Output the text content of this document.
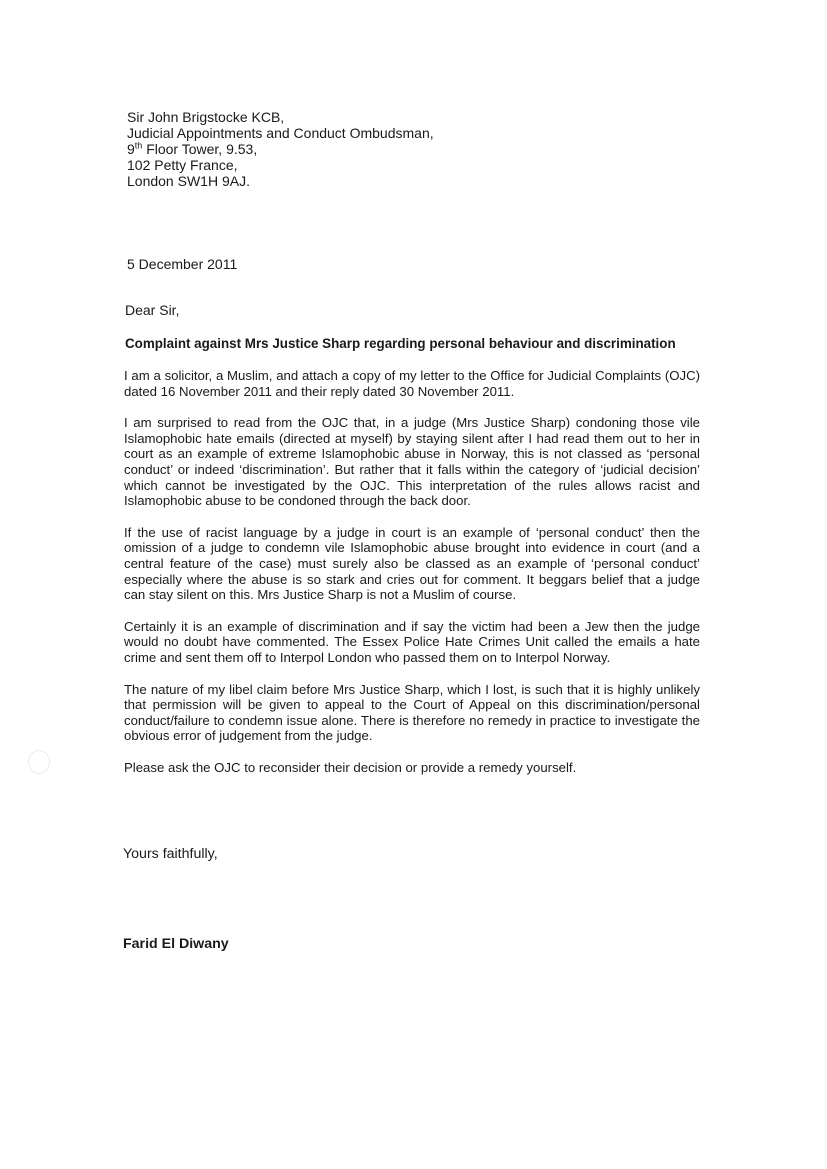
Sir John Brigstocke KCB,
Judicial Appointments and Conduct Ombudsman,
9th Floor Tower, 9.53,
102 Petty France,
London SW1H 9AJ.
5 December 2011
Dear Sir,
Complaint against Mrs Justice Sharp regarding personal behaviour and discrimination

I am a solicitor, a Muslim, and attach a copy of my letter to the Office for Judicial Complaints (OJC) dated 16 November 2011 and their reply dated 30 November 2011.

I am surprised to read from the OJC that, in a judge (Mrs Justice Sharp) condoning those vile Islamophobic hate emails (directed at myself) by staying silent after I had read them out to her in court as an example of extreme Islamophobic abuse in Norway, this is not classed as ‘personal conduct’ or indeed ‘discrimination’. But rather that it falls within the category of ‘judicial decision’ which cannot be investigated by the OJC. This interpretation of the rules allows racist and Islamophobic abuse to be condoned through the back door.

If the use of racist language by a judge in court is an example of ‘personal conduct’ then the omission of a judge to condemn vile Islamophobic abuse brought into evidence in court (and a central feature of the case) must surely also be classed as an example of ‘personal conduct’ especially where the abuse is so stark and cries out for comment. It beggars belief that a judge can stay silent on this. Mrs Justice Sharp is not a Muslim of course.

Certainly it is an example of discrimination and if say the victim had been a Jew then the judge would no doubt have commented. The Essex Police Hate Crimes Unit called the emails a hate crime and sent them off to Interpol London who passed them on to Interpol Norway.

The nature of my libel claim before Mrs Justice Sharp, which I lost, is such that it is highly unlikely that permission will be given to appeal to the Court of Appeal on this discrimination/personal conduct/failure to condemn issue alone. There is therefore no remedy in practice to investigate the obvious error of judgement from the judge.

Please ask the OJC to reconsider their decision or provide a remedy yourself.

Yours faithfully,
Farid El Diwany
